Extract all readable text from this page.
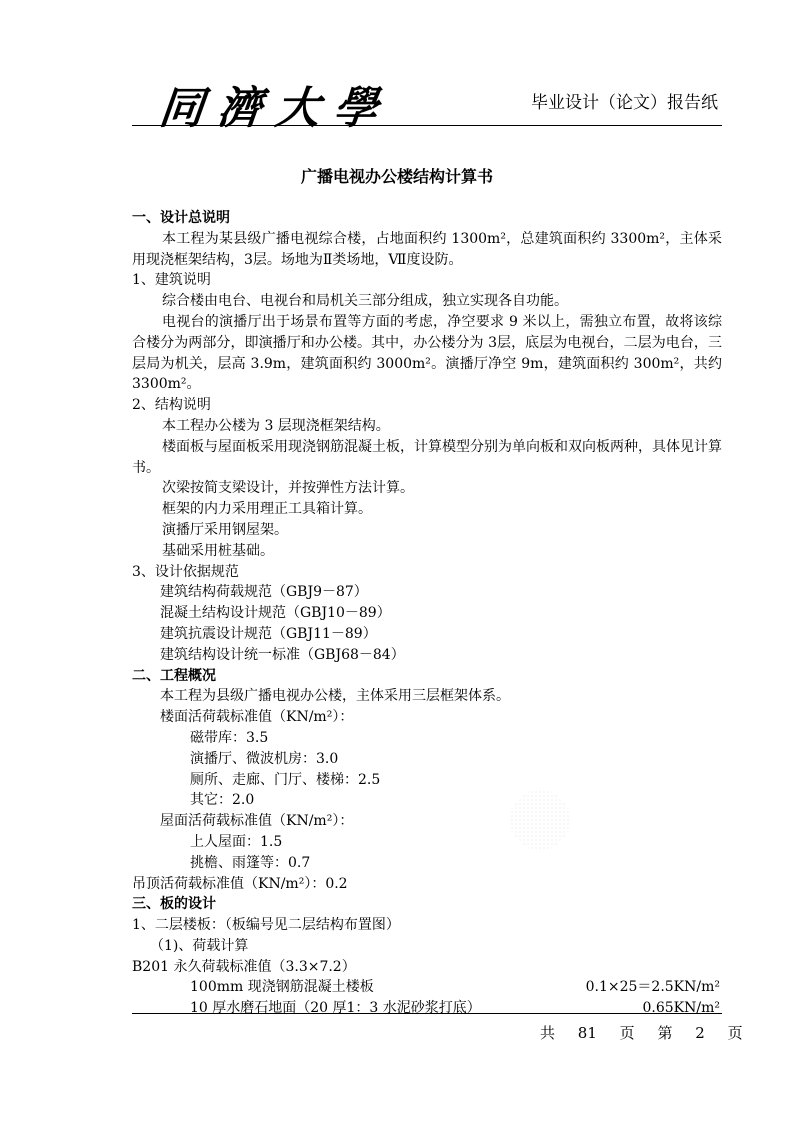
同濟大學	毕业设计（论文）报告纸
广播电视办公楼结构计算书
一、设计总说明
本工程为某县级广播电视综合楼，占地面积约 1300m²，总建筑面积约 3300m²，主体采用现浇框架结构，3层。场地为Ⅱ类场地，Ⅶ度设防。
1、建筑说明
综合楼由电台、电视台和局机关三部分组成，独立实现各自功能。
电视台的演播厅出于场景布置等方面的考虑，净空要求 9 米以上，需独立布置，故将该综合楼分为两部分，即演播厅和办公楼。其中，办公楼分为 3层，底层为电视台，二层为电台，三层局为机关，层高 3.9m，建筑面积约 3000m²。演播厅净空 9m，建筑面积约 300m²，共约 3300m²。
2、结构说明
本工程办公楼为 3 层现浇框架结构。
楼面板与屋面板采用现浇钢筋混凝土板，计算模型分别为单向板和双向板两种，具体见计算书。
次梁按简支梁设计，并按弹性方法计算。
框架的内力采用理正工具箱计算。
演播厅采用钢屋架。
基础采用桩基础。
3、设计依据规范
建筑结构荷载规范（GBJ9－87）
混凝土结构设计规范（GBJ10－89）
建筑抗震设计规范（GBJ11－89）
建筑结构设计统一标准（GBJ68－84）
二、工程概况
本工程为县级广播电视办公楼，主体采用三层框架体系。
楼面活荷载标准值（KN/m²）：
磁带库：3.5
演播厅、微波机房：3.0
厕所、走廊、门厅、楼梯：2.5
其它：2.0
屋面活荷载标准值（KN/m²）：
上人屋面：1.5
挑檐、雨篷等：0.7
吊顶活荷载标准值（KN/m²）：0.2
三、板的设计
1、二层楼板：（板编号见二层结构布置图）
（1)、荷载计算
B201 永久荷载标准值（3.3×7.2）
100mm 现浇钢筋混凝土楼板	0.1×25＝2.5KN/m²
10 厚水磨石地面（20 厚1：3 水泥砂浆打底）	0.65KN/m²
共 81 页 第 2 页
